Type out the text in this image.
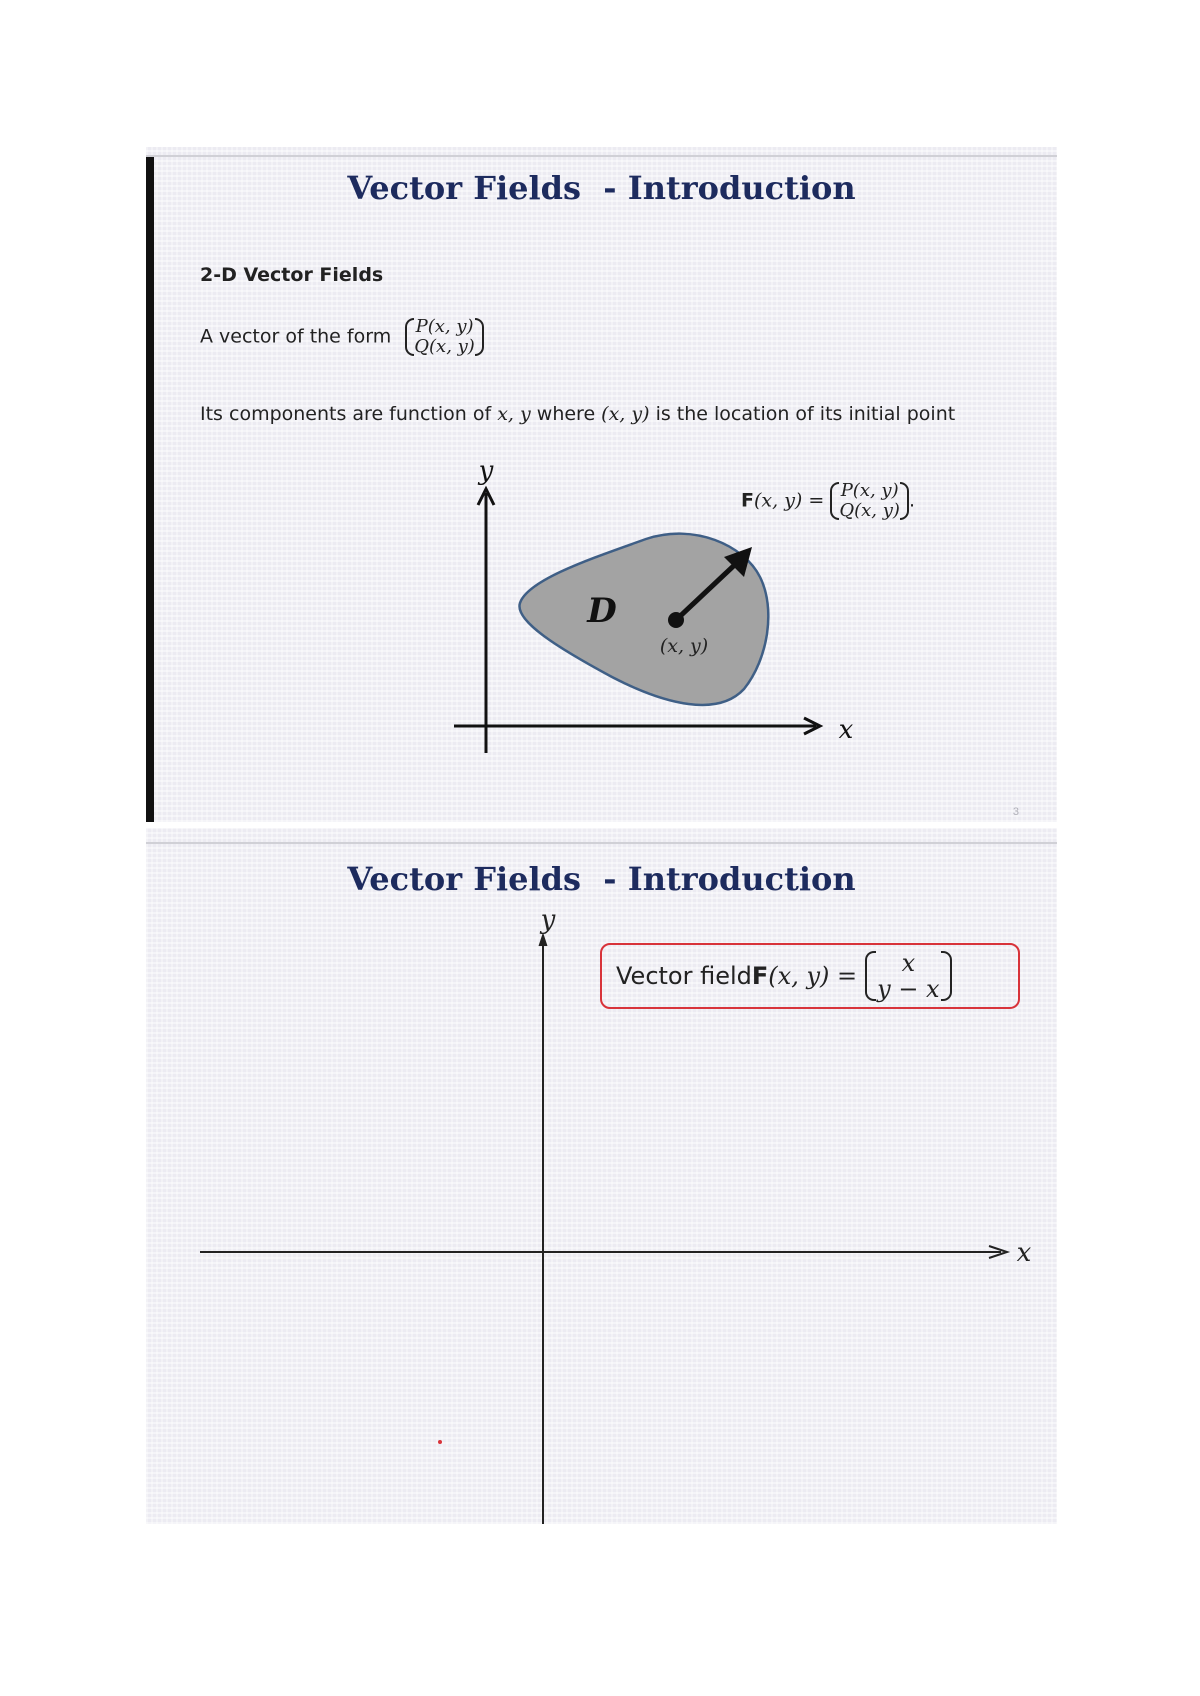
Vector Fields  - Introduction
2-D Vector Fields
A vector of the form P(x, y)
Q(x, y)
Its components are function of x, y where (x, y) is the location of its initial point
y
x
D
(x, y)
F(x, y) = P(x, y)
Q(x, y) .
3
Vector Fields  - Introduction
y
x
Vector field F (x, y) =	x
y − x
